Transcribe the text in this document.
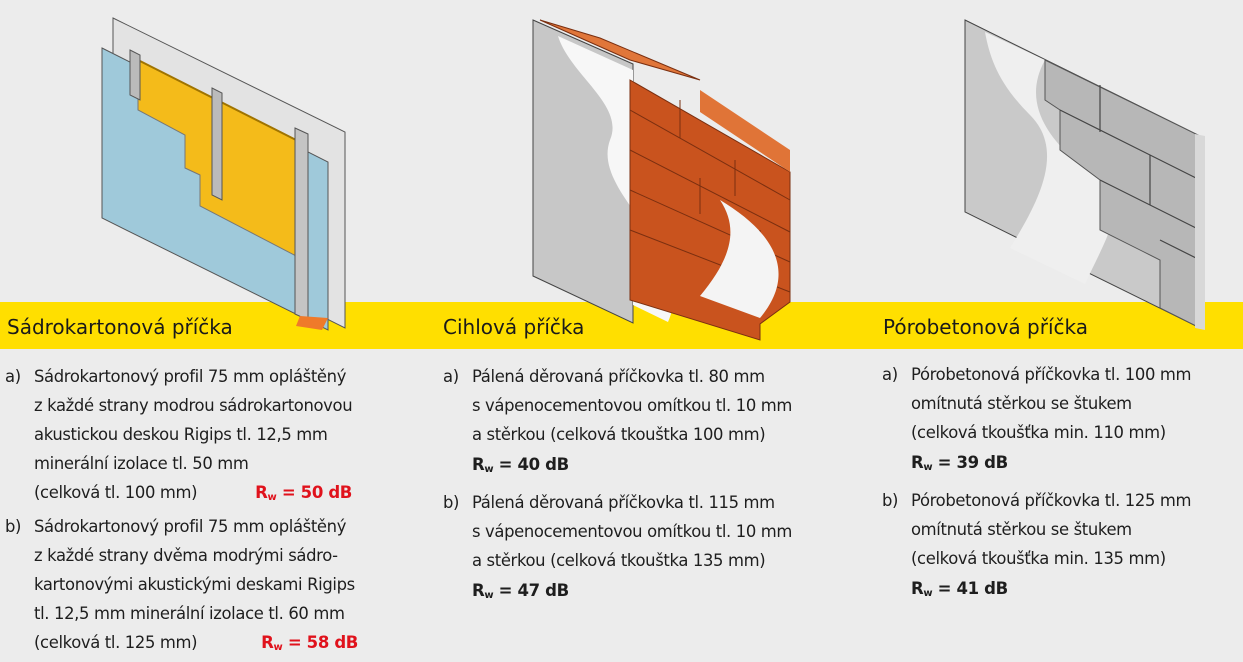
Sádrokartonová příčka	Cihlová příčka	Pórobetonová příčka
a) Sádrokartonový profil 75 mm opláštěný
z každé strany modrou sádrokartonovou
akustickou deskou Rigips tl. 12,5 mm
minerální izolace tl. 50 mm
(celková tl. 100 mm)	$R_w = 50$ dB
b) Sádrokartonový profil 75 mm opláštěný
z každé strany dvěma modrými sádro-
kartonovými akustickými deskami Rigips
tl. 12,5 mm minerální izolace tl. 60 mm
(celková tl. 125 mm)	$R_w = 58$ dB
a) Pálená děrovaná příčkovka tl. 80 mm
s vápenocementovou omítkou tl. 10 mm
a stěrkou (celková tkouštka 100 mm)
$R_w = 40$ dB
b) Pálená děrovaná příčkovka tl. 115 mm
s vápenocementovou omítkou tl. 10 mm
a stěrkou (celková tkouštka 135 mm)
$R_w = 47$ dB
a) Pórobetonová příčkovka tl. 100 mm
omítnutá stěrkou se štukem
(celková tkoušťka min. 110 mm)
$R_w = 39$ dB
b) Pórobetonová příčkovka tl. 125 mm
omítnutá stěrkou se štukem
(celková tkoušťka min. 135 mm)
$R_w = 41$ dB
